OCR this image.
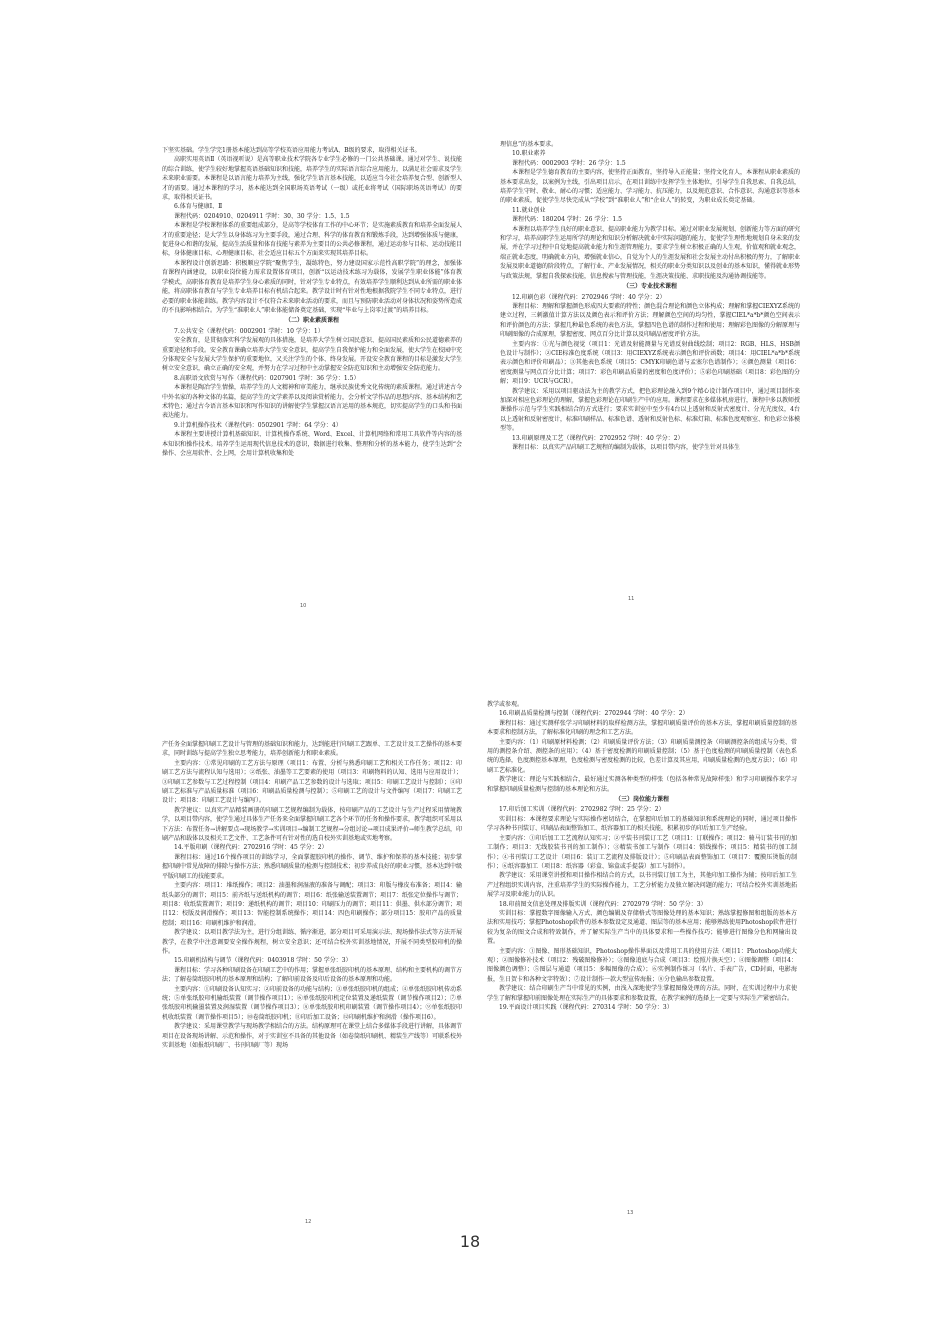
下坚实基础。学生学完1册基本能达到高等学校英语应用能力考试A、B级的要求，取得相关证书。

高职实用英语Ⅱ（英语视听说）是高等职业技术学院各专业学生必修的一门公共基础课。通过对学生、说技能的综合训练，使学生较好地掌握英语基础知识和技能，培养学生的实际语言综合应用能力，以满足社会需求及学生未来职业需要。本课程是以语言能力培养为主线，强化学生语言基本技能，以适应当今社会培养复合型、创新型人才的需要。通过本课程的学习，基本能达到全国职场英语考试（一级）或托业将考试（国际职场英语考试）的要求，取得相关证书。

6.体育与健康Ⅰ、Ⅱ

课程代码：0204910、0204911 学时：30、30 学分：1.5、1.5

本课程是学校课程体系的重要组成部分，是高等学校体育工作的中心环节；是实施素质教育和培养全面发展人才的重要途径；是大学生以身体练习为主要手段，通过合理、科学的体育教育和锻炼手段，达到增强体质与健康，促进身心和谐的发展，提高生活质量和体育技能与素养为主要目的公共必修课程，通过运动参与目标、运动技能目标，身体健康目标、心理健康目标、社会适应目标五个方面来实现其培养目标。

本课程设计创新思路：积极顺应学院“聚焦学生，凝练特色，努力建设国家示范性高职学院”的理念，加强体育课程内涵建设，以职业岗位能力需求设置体育项目，创新“以运动技术练习为载体，发展学生职业体能”体育教学模式，高职体育教育是培养学生身心素质的同时，针对学生专业特点，有效培养学生顺利达到从业所需的职业体能，将高职体育教育与学生专业培养目标有机结合起来。教学设计时有针对性地根据我院学生不同专业特点，进行必要的职业体能训练。教学内容设计不仅符合未来职业活动的要求，而且与预防职业活动对身体状况和姿势所造成的不良影响相结合。为学生“准职业人”职业体能储备奠定基础，实现“毕业与上岗零过渡”的培养目标。

（二）职业素质课程

7.公共安全（课程代码：0002901 学时：10 学分：1）

安全教育，是贯彻落实科学发展观的具体措施，是培养大学生树立国民意识、提高国民素质和公民道德素养的重要途径和手段。安全教育课确立培养大学生安全意识，提高学生自我保护能力和全面发展，使大学生在校园中充分体现安全与发展大学生保护的重要地位，又关注学生的个体、终身发展。开设安全教育课程的目标是激发大学生树立安全意识，确立正确的安全观，并努力在学习过程中主动掌握安全防范知识和主动增强安全防范能力。

8.高职语文欣赏与写作（课程代码：0207901 学时：36 学分：1.5）

本课程是陶冶学生情操，培养学生的人文精神和审美能力，继承民族优秀文化传统的素质课程。通过讲述古今中外名家的各种文体的名篇，提高学生的文学素养以及阅读赏析能力，会分析文学作品的思想内容、基本结构和艺术特色；通过古今语言基本知识和写作知识的讲解使学生掌握汉语言运用的基本规范，切实提高学生的口头和书面表达能力。

9.计算机操作技术（课程代码：0502901 学时：64 学分：4）

本课程主要讲授计算机基础知识、计算机操作系统、Word、Excel、计算机网络和常用工具软件等内容的基本知识和操作技术。培养学生运用现代信息技术的意识，数据进行收集、整理和分析的基本能力，使学生达到“会操作、会应用软件、会上网，会用计算机收集和处

理信息”的基本要求。

10.职业素养

课程代码：0002903 学时：26 学分：1.5

本课程是学生德育教育的主要内容，使坚持正面教育，坚持导入正能量；坚持文化育人，本课程从职业素质的基本要求出发，以案例为主线，引出项目启示，在项目训练中发挥学生主体地位，引导学生自我思索、自我总结，培养学生守时、敬业、耐心的习惯；适应能力、学习能力、抗压能力，以及规范意识、合作意识、沟通意识等基本的职业素质，促使学生尽快完成从“学校”到“准职业人”和“企业人”的转变，为职业成长奠定基础。

11.就业创业

课程代码：180204 学时：26 学分：1.5

本课程以培养学生良好的职业意识、提高职业能力为教学目标。通过对职业发展规划、创新能力等方面的研究和学习，培养高职学生运用所学的理论和知识分析解决就业中实际问题的能力，促使学生理性地规划自身未来的发展，并在学习过程中自觉地提高就业能力和生涯管理能力，要求学生树立积极正确的人生观，价值观和就业观念，端正就业态度，明确就业方向，增强就业信心，自觉为个人的生涯发展和社会发展主动付出积极的努力，了解职业发展及职业道德的阶段特点，了解行业、产业发展情况，相关的职业分类知识以及创业的基本知识，懂得就业形势与政策法规，掌握自我探索技能，信息搜索与管理技能，生涯决策技能、求职技能及沟通协调技能等。

（三）专业技术课程

12.印刷色彩（课程代码：2702946 学时：40 学分：2）

课程目标：理解和掌握颜色形成四大要素的特性；颜色混合理论和颜色立体构成；理解和掌握CIEXYZ系统的建立过程，三刺激值计算方法以及颜色表示和评价方法；理解颜色空间的均匀性，掌握CIEL*a*b*颜色空间表示和评价颜色的方法；掌握几种最色系统的表色方法，掌握四色色谱的制作过程和使用；理解彩色图像的分解原理与印刷图像的合成原理，掌握密度、网点百分比计算以及印刷品密度评价方法。

主要内容：①光与颜色视觉（项目1：光谱及射能测量与光谱反射曲线绘制；项目2：RGB、HLS、HSB颜色设计与制作）；②CIE标准色度系统（项目3：用CIEXYZ系统表示颜色和评价函数；项目4：用CIEL*a*b*系统表示颜色和评价印刷品）；③其他表色系统（项目5：CMYK印刷色谱与孟塞尔色谱制作）；④颜色测量（项目6：密度测量与网点百分比计算；项目7：彩色印刷品质量的密度和色度评价）；⑤彩色印刷基础（项目8：彩色图的分解；项目9：UCR与GCR）。

教学建议：采用以项目驱动法为主的教学方式，把色彩理论融入到9个精心设计制作项目中，通过项目制作来加深对相应色彩理论的理解，掌握色彩理论在印刷生产中的应用。课程要求在多媒体机房进行，课程中多以教师授课操作示范与学生实践相结合的方式进行；要求实训室中至少有4台以上透射和反射式密度计、分光光度仪，4台以上透射和反射密度计，标准印刷样品、标准色谱、透射和反射色标、标准灯箱、标准色度观察室、和色彩立体模型等。

13.印刷原理及工艺（课程代码：2702952 学时：40 学分：2）

课程目标：以真实产品印刷工艺规程的编制为载体，以项目带内容，使学生针对具体生

产任务全面掌握印刷工艺设计与管理的基础知识和能力，达到能进行印刷工艺跟单、工艺设计及工艺操作的基本要求，同时训练与提高学生独立思考能力，培养创新能力和职业素质。

主要内容：①常见印刷的工艺方法与原理（项目1：布置、分析与熟悉印刷工艺和相关工作任务；项目2：印刷工艺方法与流程认知与选用）；②纸张、油墨等工艺要素的使用（项目3：印刷物料的认知、选用与应用设计）；③印刷工艺参数与工艺过程控制（项目4：印刷产品工艺参数的设计与选取；项目5：印刷工艺设计与控制）；④印刷工艺标准与产品质量标准（项目6：印刷品质量检测与控制）；⑤印刷工艺的设计与文件编写（项目7：印刷工艺设计；项目8：印刷工艺设计与编写）。

教学建议：以真实产品精装画册的印刷工艺规程编制为载体，按印刷产品的工艺设计与生产过程采用情境教学，以项目带内容，使学生通过具体生产任务来全面掌握印刷工艺各个环节的任务和操作要求，教学组织可采用以下方法：布置任务→讲解要点→现场教学→实训项目→编制工艺规程→分组讨论→项目成果评价→师生教学总结，印刷产品和载体以及相关工艺文件、工艺条件可有针对性的选自校外实训基地或实地考察。

14.平版印刷（课程代码：2702916 学时：45 学分：2）

课程目标：通过16个操作项目的训练学习，全面掌握胶印机的操作、调节、维护和保养的基本技能；初步掌握印刷中常见故障的排除与操作方法；熟悉印刷质量的检测与控制技术；初步养成良好的职业习惯，基本达到中级平版印刷工的技能要求。

主要内容：项目1：堆纸操作；项目2：油墨和润湿液的准备与调配；项目3：印版与橡皮布准备；项目4：输纸头部分的调节；项目5：前齐纸与送纸机构的调节；项目6：纸张输送装置调节；项目7：纸张定位操作与调节；项目8：收纸装置调节；项目9：递纸机构的调节；项目10：印刷压力的调节；项目11：供墨、供水部分调节；项目12：校版及润滑操作；项目13：智能控制系统操作；项目14：四色印刷操作；部分项目15：胶印产品的质量控制；项目16：印刷机维护和润滑。

教学建议：以项目教学法为主，进行分组训练、循序渐进，部分项目可采用演示法、现场操作法式等方法开展教学，在教学中注意调要安全操作规程，树立安全意识；还可结合校外实训基地情况，开展不同类型胶印机的操作。

15.印刷机结构与调节（课程代码：0403918 学时：50 学分：3）

课程目标：学习各种印刷设备在印刷工艺中的作用；掌握单张纸胶印机的基本原理、结构和主要机构的调节方法；了解卷筒纸胶印机的基本原理和结构；了解印前设备及印后设备的基本原理和功能。

主要内容：①印刷设备认知实习；②印前设备的功能与结构；③单张纸胶印机的组成；④单张纸胶印机传动系统；⑤单张纸胶印机输纸装置（调节操作项目1）；⑥单张纸胶印机定位装置及递纸装置（调节操作项目2）；⑦单张纸胶印机输墨装置及润湿装置（调节操作项目3）；⑧单张纸胶印机印刷装置（调节操作项目4）；⑨单张纸胶印机收纸装置（调节操作项目5）；⑩卷筒纸胶印机；⑪印后加工设备；⑫印刷机维护和润滑（操作项目6）。

教学建议：采用课堂教学与现场教学相结合的方法。结构原理可在课堂上结合多媒体手段进行讲解，具体调节项目在设备现场讲解、示范和操作，对于实训室不具备的其他设备（如卷筒纸印刷机、精装生产线等）可联系校外实训基地（如报纸印刷厂、书刊印刷厂等）现场

教学或参观。

16.印刷品质量检测与控制（课程代码：2702944 学时：40 学分：2）

课程目标：通过实测样张学习印刷材料的取样检测方法，掌握印刷质量评价的基本方法，掌握印刷质量控制的基本要求和控制方法，了解标准化印刷的理念和工艺方法。

主要内容：（1）印刷原材料检测；（2）印刷质量评价方法；（3）印刷质量测控条（印刷测控条的组成与分类、常用的测控条介绍、测控条的应用）；（4）基于密度检测的印刷质量控制；（5）基于色度检测的印刷质量控制（表色系统的选择，色度测控基本原理，色度检测与密度检测的比较，色差计算及其应用，印刷质量检测的色度方法）；（6）印刷工艺标准化。

教学建议：理论与实践相结合，最好通过实测各种类型的样张（包括各种常见故障样张）和学习印刷操作来学习和掌握印刷质量检测与控制的基本理论和方法。

（三）岗位能力课程

17.印后加工实训（课程代码：2702982 学时：25 学分：2）

实训目标：本课程要求理论与实际操作密切结合，在掌握印后加工的基础知识和系统理论的同时，通过项目操作学习各种书刊装订、印刷品表面整饰加工、纸容器加工的相关技能，积累初步的印后加工生产经验。

主要内容：①印后加工工艺流程认知实习；②平装书刊装订工艺（项目1：订联操作；项目2：骑马订装书刊的加工制作；项目3：无线胶装书刊的加工制作）；③精装书加工与制作（项目4：锁线操作；项目5：精装书的加工制作）；④书刊装订工艺设计（项目6：装订工艺流程及排版设计）；⑤印刷品表面整饰加工（项目7：覆膜压烫版的制作）；⑥纸容器加工（项目8：纸容器（彩盒、锦盒或手提袋）加工与制作）。

教学建议：采用课堂讲授和项目操作相结合的方式，以书刊装订加工为主，其他印加工操作为辅；按印后加工生产过程组织实训内容，注重培养学生的实际操作能力，工艺分析能力及独立解决问题的能力；可结合校外实训基地拓展学习及职业能力的认识。

18.印前图文信息处理及排版实训（课程代码：2702979 学时：50 学分：3）

实训目标：掌握数字图像输入方式、颜色编辑及存储格式等图像处理的基本知识；熟练掌握修图和组版的基本方法和实用技巧；掌握Photoshop软件的基本参数设定及通道、图层等的基本应用；能够熟练使用Photoshop软件进行较为复杂的图文合成和特效制作，并了解实际生产当中的具体要求和一些操作技巧；能够进行图像分色和网输出设置。

主要内容：①图像、图形基础知识，Photoshop操作界面以及常用工具的使用方法（项目1：Photoshop功能大观）；②图像修补技术（项目2：残破图像修补）；③图像追底与合成（项目3：绘照片换天空）；④图像调整（项目4：图像颜色调整）；⑤图层与通道（项目5：多幅图像的合成）；⑥实例制作练习（名片、手表广告，CD封面，电影海报，生日贺卡和各种文字特效）；⑦设计制作一款大型宣传海报；⑧分色输出参数设置。

教学建议：结合印刷生产当中常见的实例，由浅入深地使学生掌握图像处理的方法。同时，在实训过程中力求使学生了解和掌握印前图像处理在实际生产的具体要求和参数设置，在教学案例的选择上一定要与实际生产紧密结合。

19.平面设计项目实践（课程代码：270314 学时：50 学分：3）

10
11
12
13
18
